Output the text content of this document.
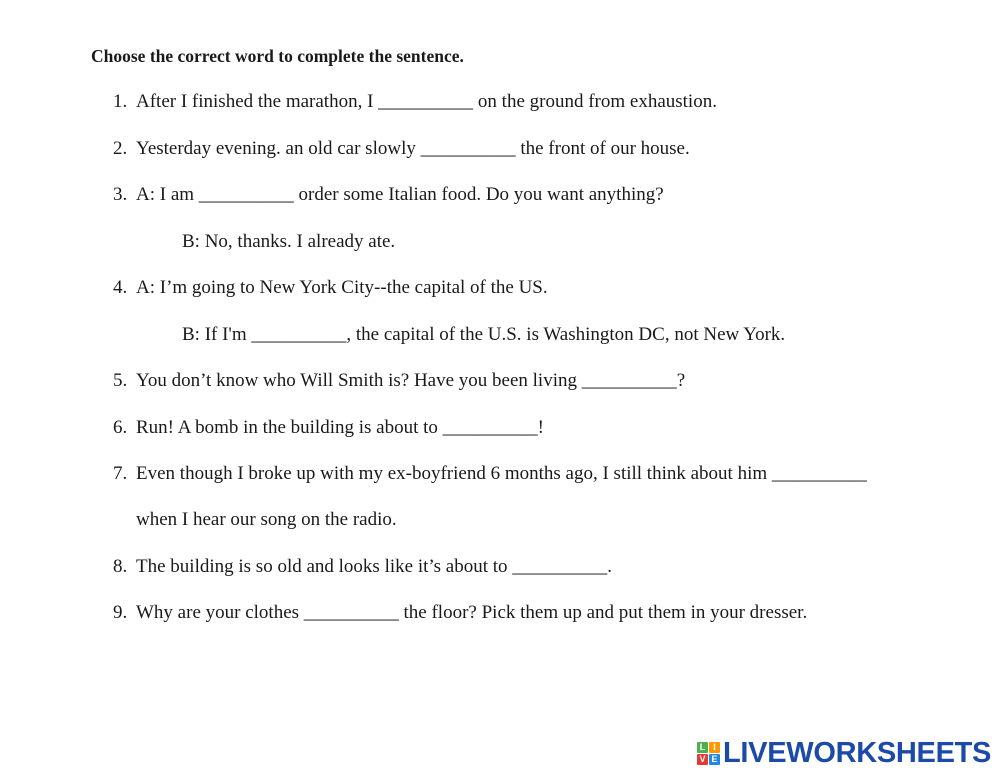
Choose the correct word to complete the sentence.
1. After I finished the marathon, I __________ on the ground from exhaustion.
2. Yesterday evening. an old car slowly __________ the front of our house.
3. A: I am __________ order some Italian food. Do you want anything?
B: No, thanks. I already ate.
4. A: I’m going to New York City--the capital of the US.
B: If I'm __________, the capital of the U.S. is Washington DC, not New York.
5. You don’t know who Will Smith is? Have you been living __________?
6. Run! A bomb in the building is about to __________!
7. Even though I broke up with my ex-boyfriend 6 months ago, I still think about him __________
when I hear our song on the radio.
8. The building is so old and looks like it’s about to __________.
9. Why are your clothes __________ the floor? Pick them up and put them in your dresser.
L I
V E LIVEWORKSHEETS
